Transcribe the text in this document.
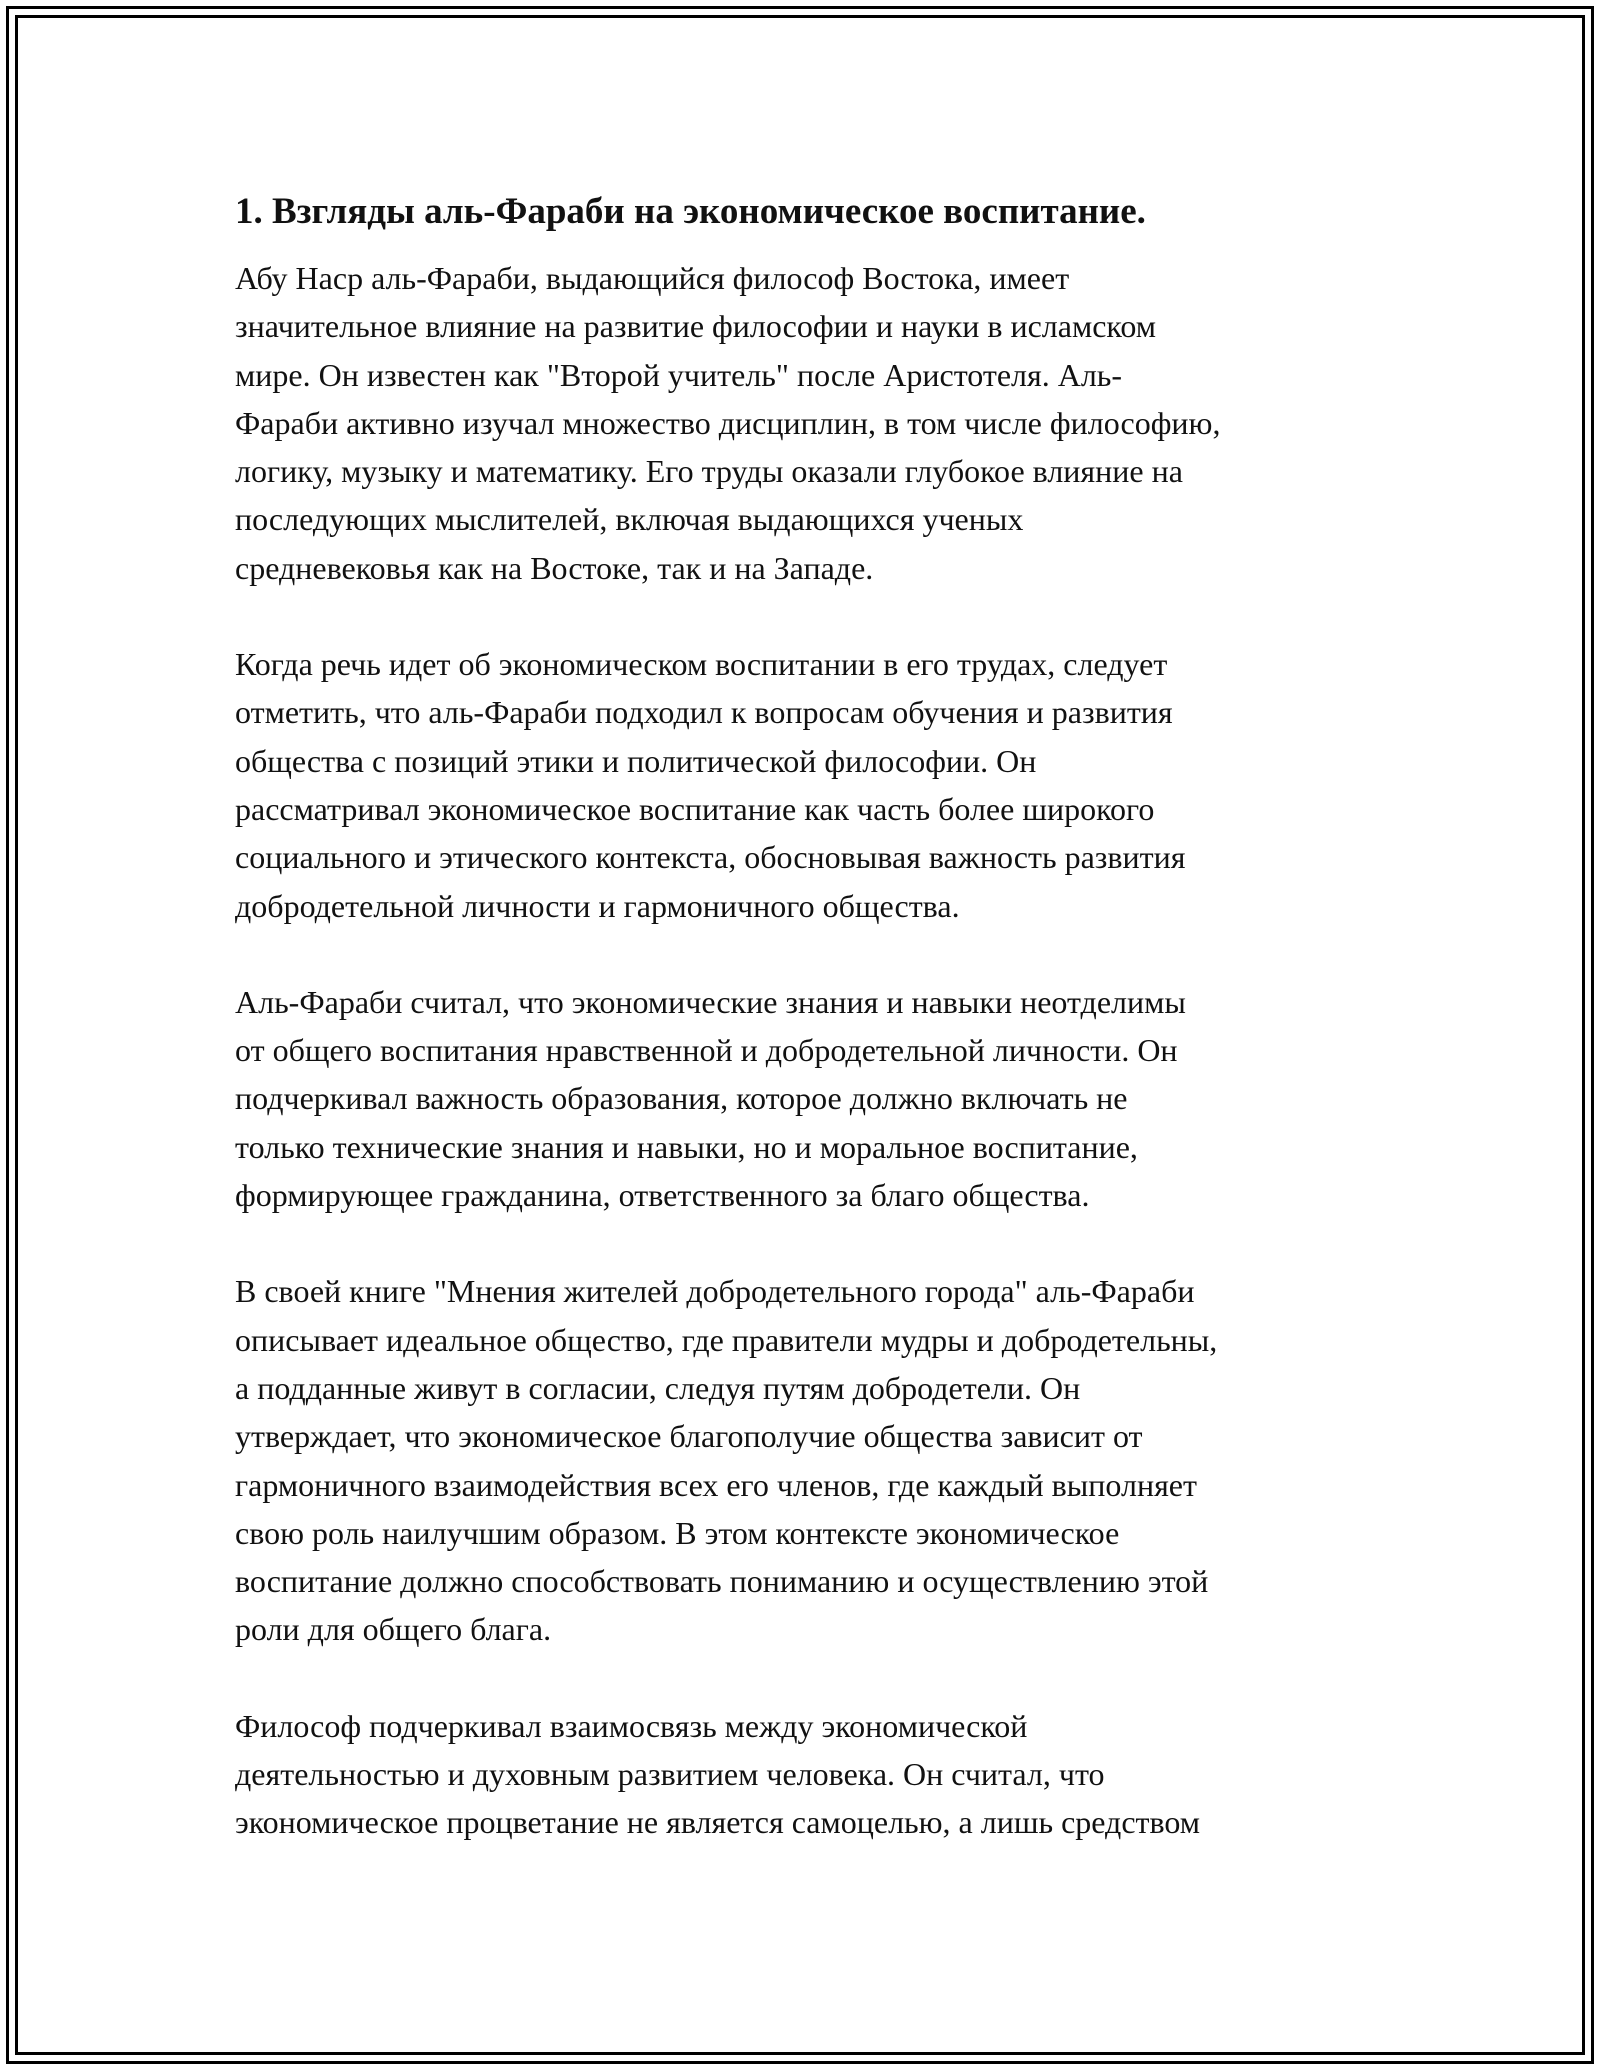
1. Взгляды аль-Фараби на экономическое воспитание.

Абу Наср аль-Фараби, выдающийся философ Востока, имеет
значительное влияние на развитие философии и науки в исламском
мире. Он известен как "Второй учитель" после Аристотеля. Аль-
Фараби активно изучал множество дисциплин, в том числе философию,
логику, музыку и математику. Его труды оказали глубокое влияние на
последующих мыслителей, включая выдающихся ученых
средневековья как на Востоке, так и на Западе.

Когда речь идет об экономическом воспитании в его трудах, следует
отметить, что аль-Фараби подходил к вопросам обучения и развития
общества с позиций этики и политической философии. Он
рассматривал экономическое воспитание как часть более широкого
социального и этического контекста, обосновывая важность развития
добродетельной личности и гармоничного общества.

Аль-Фараби считал, что экономические знания и навыки неотделимы
от общего воспитания нравственной и добродетельной личности. Он
подчеркивал важность образования, которое должно включать не
только технические знания и навыки, но и моральное воспитание,
формирующее гражданина, ответственного за благо общества.

В своей книге "Мнения жителей добродетельного города" аль-Фараби
описывает идеальное общество, где правители мудры и добродетельны,
а подданные живут в согласии, следуя путям добродетели. Он
утверждает, что экономическое благополучие общества зависит от
гармоничного взаимодействия всех его членов, где каждый выполняет
свою роль наилучшим образом. В этом контексте экономическое
воспитание должно способствовать пониманию и осуществлению этой
роли для общего блага.

Философ подчеркивал взаимосвязь между экономической
деятельностью и духовным развитием человека. Он считал, что
экономическое процветание не является самоцелью, а лишь средством
